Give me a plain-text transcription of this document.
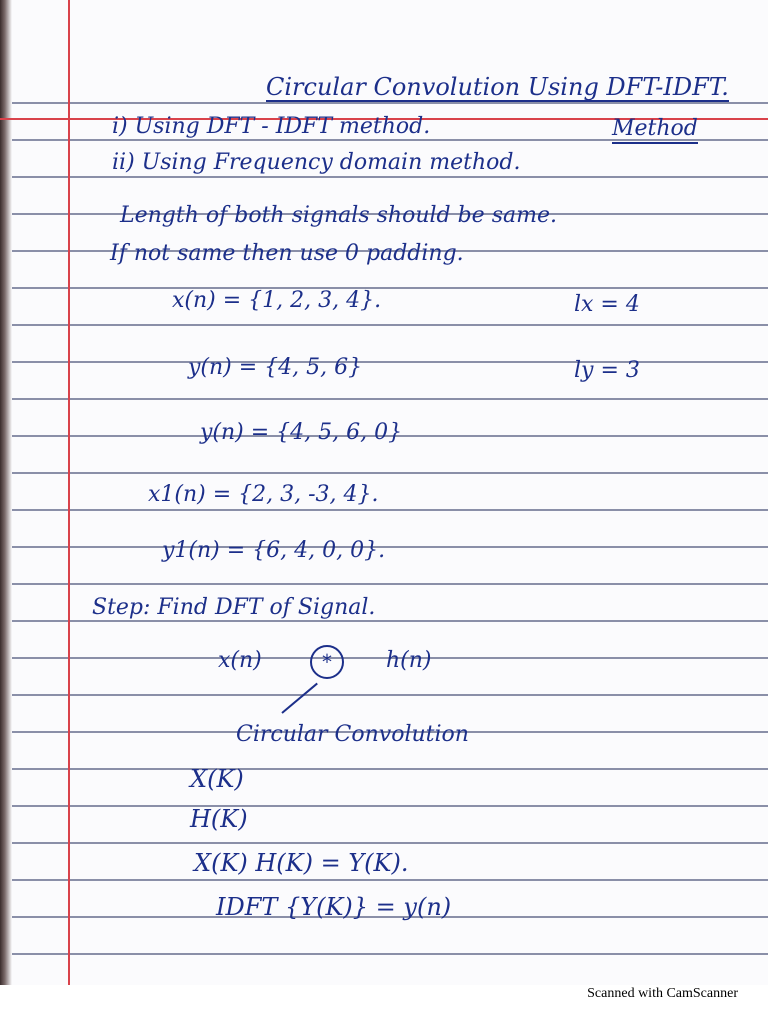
Circular Convolution Using DFT-IDFT.
i) Using DFT - IDFT method.	Method
ii) Using Frequency domain method.
Length of both signals should be same.
If not same then use 0 padding.
x(n) = {1, 2, 3, 4}.	lx = 4
y(n) = {4, 5, 6}	ly = 3
y(n) = {4, 5, 6, 0}
x1(n) = {2, 3, -3, 4}.
y1(n) = {6, 4, 0, 0}.
Step: Find DFT of Signal.
x(n)	*	h(n)
Circular Convolution
X(K)
H(K)
X(K) H(K) = Y(K).
IDFT {Y(K)} = y(n)
Scanned with CamScanner
